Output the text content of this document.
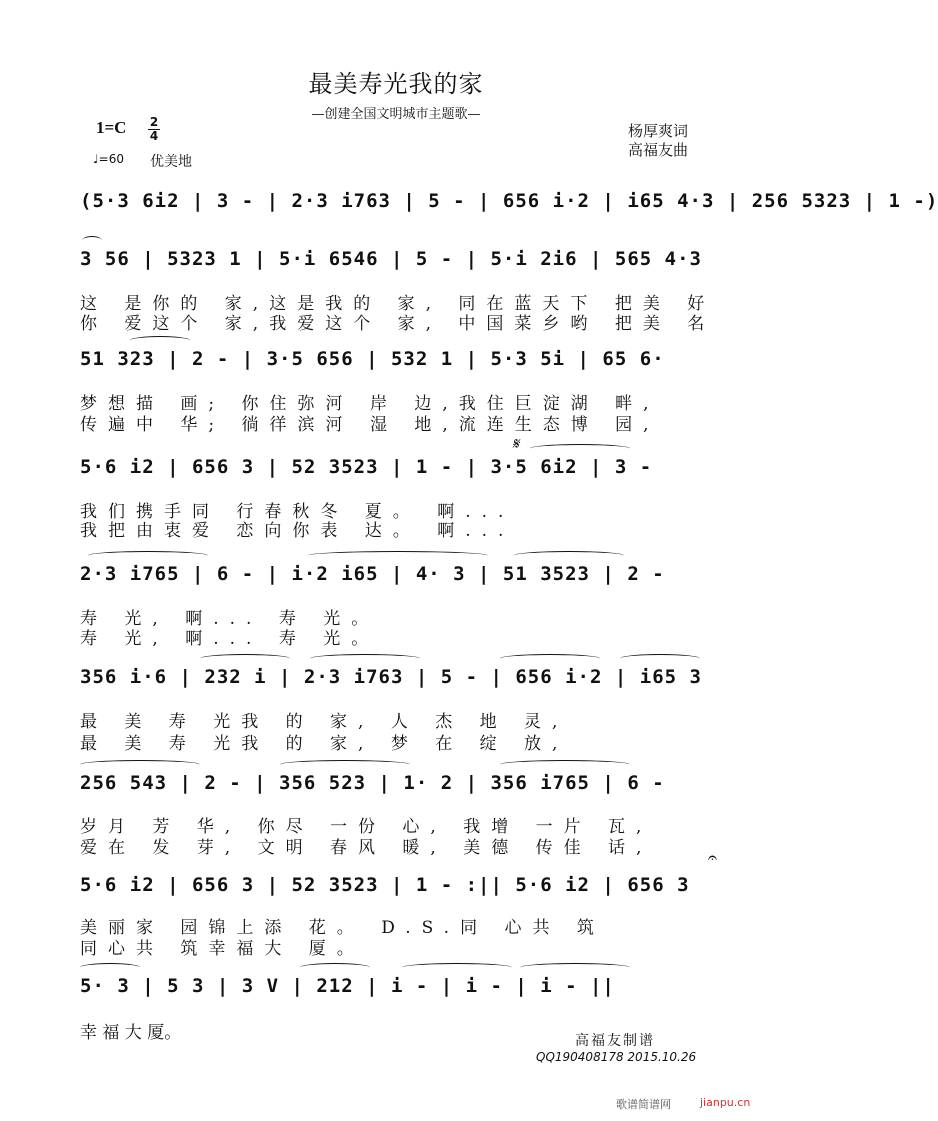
最美寿光我的家
—创建全国文明城市主题歌—
杨厚爽词
高福友曲
1=C 2
4
♩=60 优美地
(5·3 6i2 | 3 - | 2·3 i763 | 5 - | 656 i·2 | i65 4·3 | 256 5323 | 1 -)
3 56 | 5323 1 | 5·i 6546 | 5 - | 5·i 2i6 | 565 4·3
这 是你的 家,这是我的 家, 同在蓝天下 把美 好
你 爱这个 家,我爱这个 家, 中国菜乡哟 把美 名
51 323 | 2 - | 3·5 656 | 532 1 | 5·3 5i | 65 6·
梦想描 画; 你住弥河 岸 边,我住巨淀湖 畔,
传遍中 华; 徜徉滨河 湿 地,流连生态博 园,
𝄋
5·6 i2 | 656 3 | 52 3523 | 1 - | 3·5 6i2 | 3 -
我们携手同 行春秋冬 夏。 啊...
我把由衷爱 恋向你表 达。 啊...
2·3 i765 | 6 - | i·2 i65 | 4· 3 | 51 3523 | 2 -
寿 光, 啊... 寿 光。
寿 光, 啊... 寿 光。
356 i·6 | 232 i | 2·3 i763 | 5 - | 656 i·2 | i65 3
最 美 寿 光我 的 家, 人 杰 地 灵,
最 美 寿 光我 的 家, 梦 在 绽 放,
256 543 | 2 - | 356 523 | 1· 2 | 356 i765 | 6 -
岁月 芳 华, 你尽 一份 心, 我增 一片 瓦,
爱在 发 芽, 文明 春风 暖, 美德 传佳 话,	𝄐
5·6 i2 | 656 3 | 52 3523 | 1 - :|| 5·6 i2 | 656 3
美丽家 园锦上添 花。 D.S.同 心共 筑
同心共 筑幸福大 厦。
5· 3 | 5 3 | 3 V | 212 | i - | i - | i - ||
幸 福 大 厦。	高福友制谱
QQ190408178 2015.10.26
歌谱简谱网	jianpu.cn
